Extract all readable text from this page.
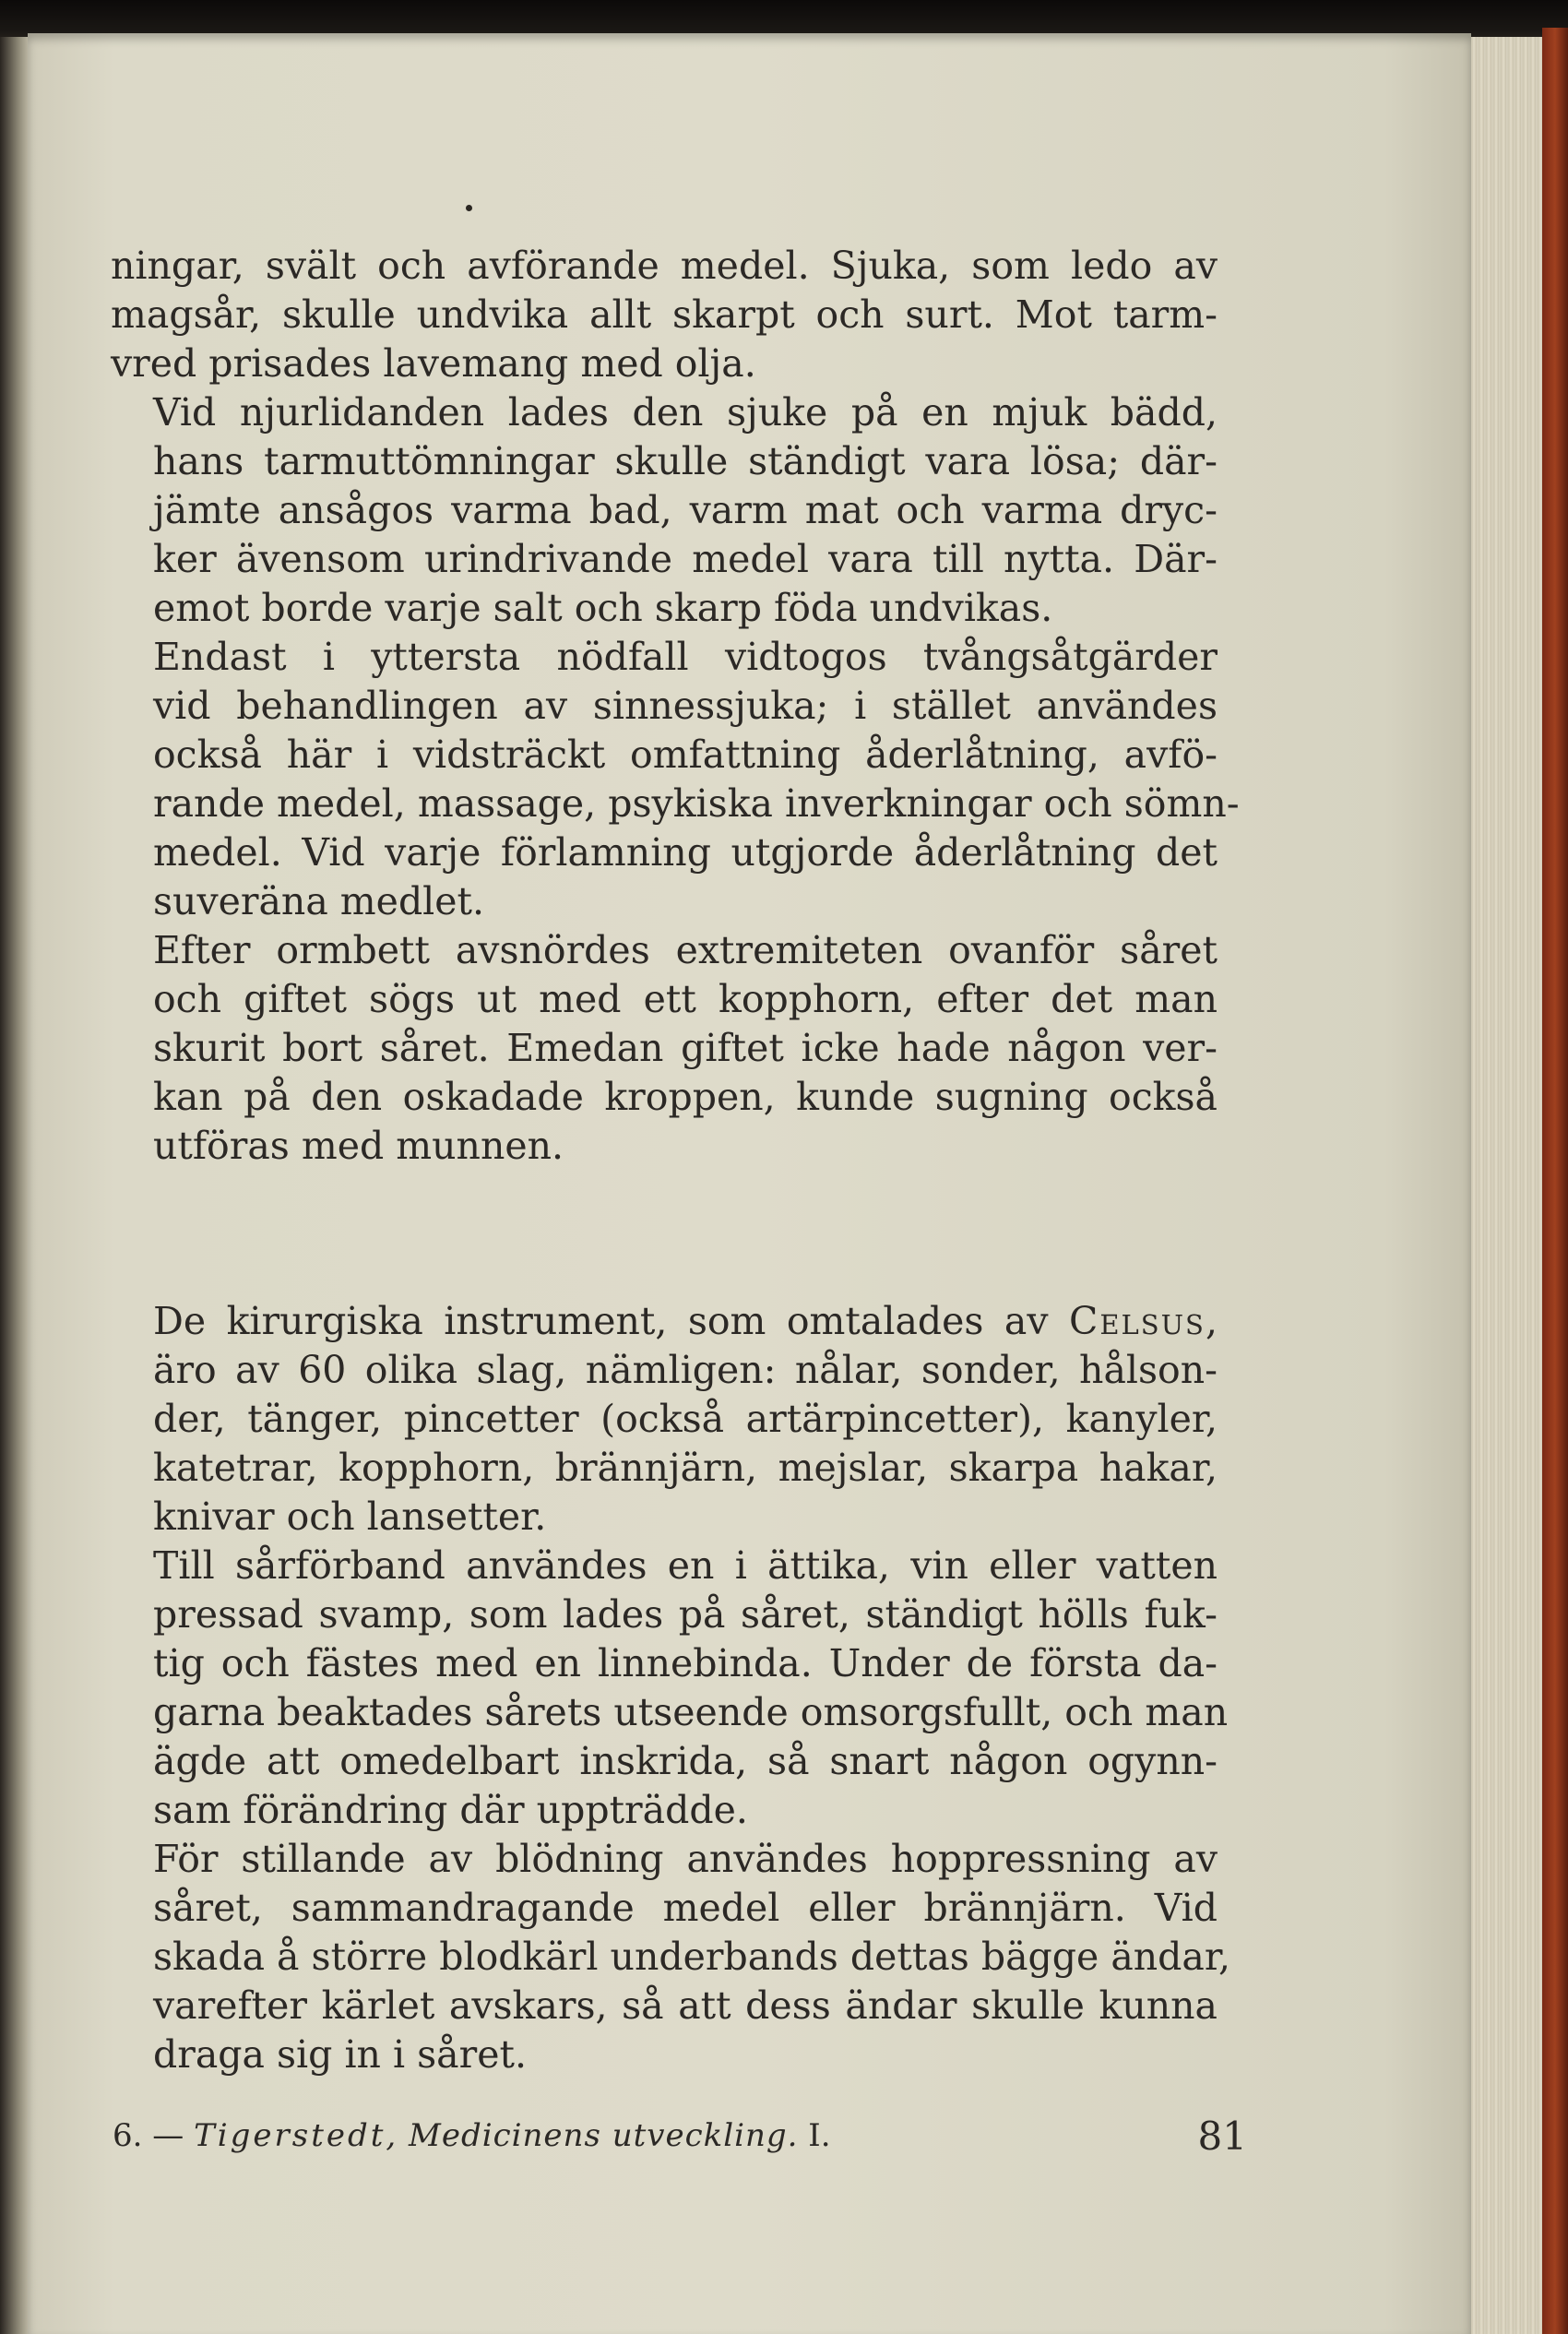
ningar, svält och avförande medel. Sjuka, som ledo av
magsår, skulle undvika allt skarpt och surt. Mot tarm-
vred prisades lavemang med olja.

Vid njurlidanden lades den sjuke på en mjuk bädd,
hans tarmuttömningar skulle ständigt vara lösa; där-
jämte ansågos varma bad, varm mat och varma dryc-
ker ävensom urindrivande medel vara till nytta. Där-
emot borde varje salt och skarp föda undvikas.

Endast i yttersta nödfall vidtogos tvångsåtgärder
vid behandlingen av sinnessjuka; i stället användes
också här i vidsträckt omfattning åderlåtning, avfö-
rande medel, massage, psykiska inverkningar och sömn-
medel. Vid varje förlamning utgjorde åderlåtning det
suveräna medlet.

Efter ormbett avsnördes extremiteten ovanför såret
och giftet sögs ut med ett kopphorn, efter det man
skurit bort såret. Emedan giftet icke hade någon ver-
kan på den oskadade kroppen, kunde sugning också
utföras med munnen.

De kirurgiska instrument, som omtalades av Celsus,
äro av 60 olika slag, nämligen: nålar, sonder, hålson-
der, tänger, pincetter (också artärpincetter), kanyler,
katetrar, kopphorn, brännjärn, mejslar, skarpa hakar,
knivar och lansetter.

Till sårförband användes en i ättika, vin eller vatten
pressad svamp, som lades på såret, ständigt hölls fuk-
tig och fästes med en linnebinda. Under de första da-
garna beaktades sårets utseende omsorgsfullt, och man
ägde att omedelbart inskrida, så snart någon ogynn-
sam förändring där uppträdde.

För stillande av blödning användes hoppressning av
såret, sammandragande medel eller brännjärn. Vid
skada å större blodkärl underbands dettas bägge ändar,
varefter kärlet avskars, så att dess ändar skulle kunna
draga sig in i såret.

6. — Tigerstedt, Medicinens utveckling. I.	81
